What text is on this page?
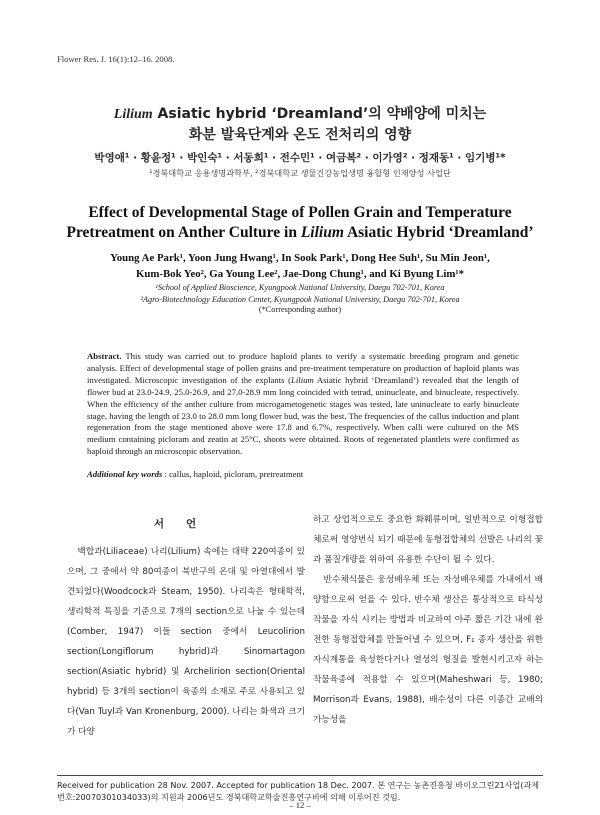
Flower Res. J. 16(1):12–16. 2008.
Lilium Asiatic hybrid ‘Dreamland’의 약배양에 미치는
화분 발육단계와 온도 전처리의 영향
박영애¹ · 황윤정¹ · 박인숙¹ · 서동희¹ · 전수민¹ · 여금복² · 이가영² · 정재동¹ · 임기병¹*
¹경북대학교 응용생명과학부, ²경북대학교 생물건강농업생명 융합형 인재양성 사업단
Effect of Developmental Stage of Pollen Grain and Temperature
Pretreatment on Anther Culture in Lilium Asiatic Hybrid ‘Dreamland’
Young Ae Park¹, Yoon Jung Hwang¹, In Sook Park¹, Dong Hee Suh¹, Su Min Jeon¹,
Kum-Bok Yeo², Ga Young Lee², Jae-Dong Chung¹, and Ki Byung Lim¹*
¹School of Applied Bioscience, Kyungpook National University, Daegu 702-701, Korea
²Agro-Biotechnology Education Center, Kyungpook National University, Daegu 702-701, Korea
(*Corresponding author)
Abstract. This study was carried out to produce haploid plants to verify a systematic breeding program and genetic analysis. Effect of developmental stage of pollen grains and pre-treatment temperature on production of haploid plants was investigated. Microscopic investigation of the explants (Lilium Asiatic hybrid ‘Dreamland’) revealed that the length of flower bud at 23.0-24.9, 25.0-26.9, and 27.0-28.9 mm long coincided with tetrad, uninucleate, and binucleate, respectively. When the efficiency of the anther culture from microgametogenetic stages was tested, late uninucleate to early binucleate stage, having the length of 23.0 to 28.0 mm long flower bud, was the best. The frequencies of the callus induction and plant regeneration from the stage mentioned above were 17.8 and 6.7%, respectively. When calli were cultured on the MS medium containing picloram and zeatin at 25°C, shoots were obtained. Roots of regenerated plantlets were confirmed as haploid through an microscopic observation.
Additional key words : callus, haploid, picloram, pretreatment
서언

백합과(Liliaceae) 나리(Lilium) 속에는 대략 220여종이 있으며, 그 중에서 약 80여종이 북반구의 온대 및 아열대에서 발견되었다(Woodcock과 Steam, 1950). 나리속은 형태학적, 생리학적 특징을 기준으로 7개의 section으로 나눌 수 있는데(Comber, 1947) 이들 section 중에서 Leucolirion section(Longiflorum hybrid)과 Sinomartagon section(Asiatic hybrid) 및 Archelirion section(Oriental hybrid) 등 3개의 section이 육종의 소재로 주로 사용되고 있다(Van Tuyl과 Van Kronenburg, 2000). 나리는 화색과 크기가 다양

하고 상업적으로도 중요한 화훼류이며, 일반적으로 이형접합체로써 영양번식 되기 때문에 동형접합체의 선발은 나리의 꽃과 품질개량을 위하여 유용한 수단이 될 수 있다.

반수체식물은 웅성배우체 또는 자성배우체를 가내에서 배양함으로써 얻을 수 있다. 반수체 생산은 통상적으로 타식성 작물을 자식 시키는 방법과 비교하여 아주 짧은 기간 내에 완전한 동형접합체를 만들어낼 수 있으며, F₁ 종자 생산을 위한 자식계통을 육성한다거나 열성의 형질을 발현시키고자 하는 작물육종에 적용할 수 있으며(Maheshwari 등, 1980; Morrison과 Evans, 1988), 배수성이 다른 이종간 교배의 가능성을

Received for publication 28 Nov. 2007. Accepted for publication 18 Dec. 2007. 본 연구는 농촌진흥청 바이오그린21사업(과제번호:20070301034033)의 지원과 2006년도 경북대학교학술진흥연구비에 의해 이루어진 것임.
– 12 –
